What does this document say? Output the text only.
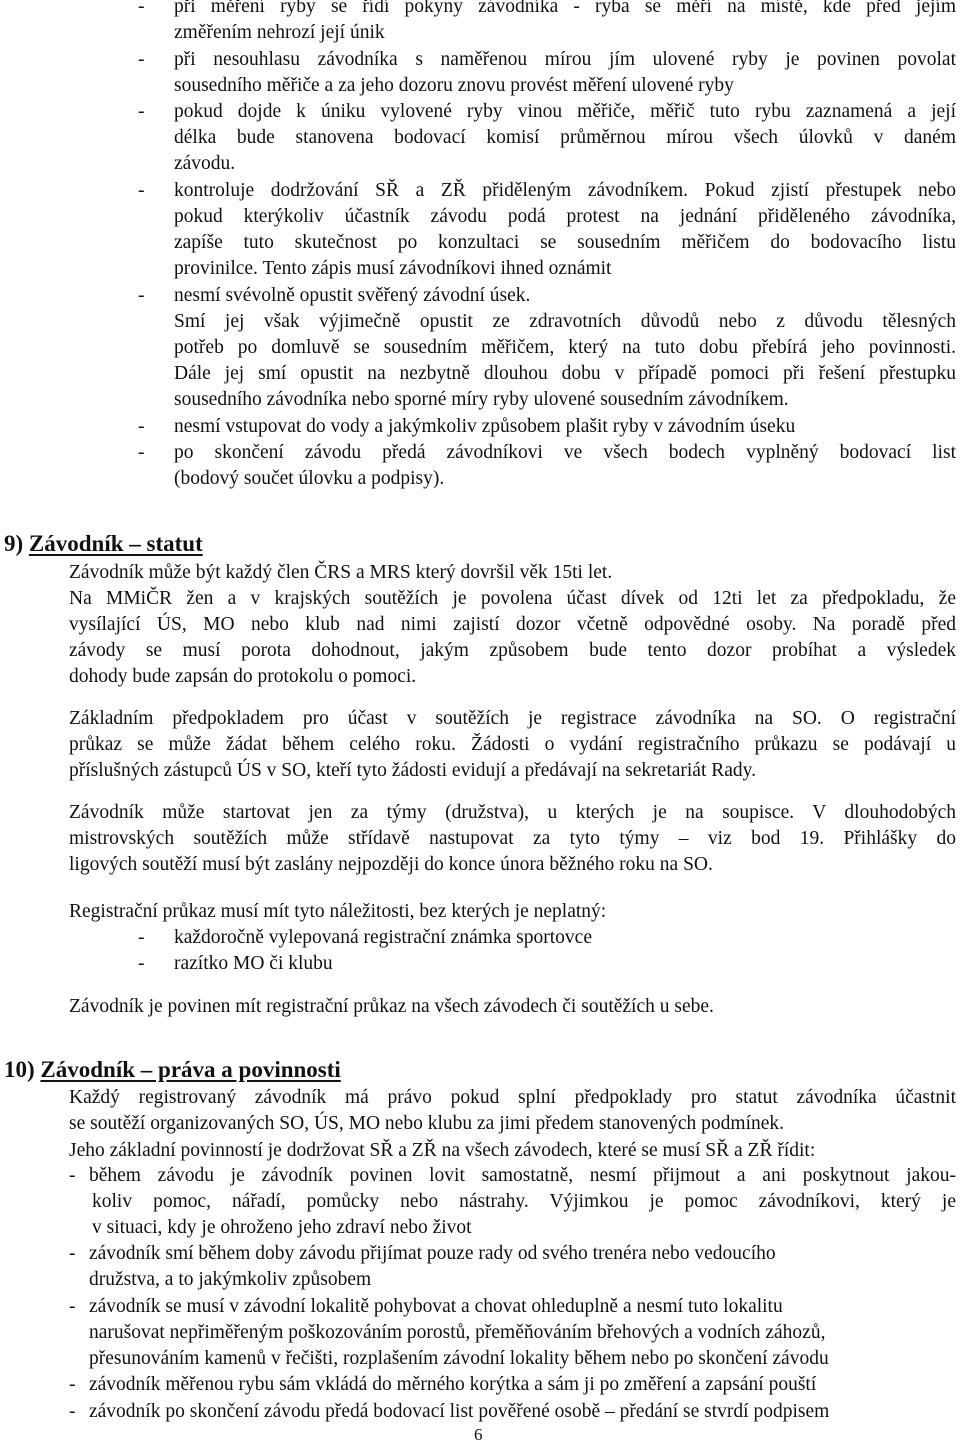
- při měření ryby se řídí pokyny závodníka - ryba se měří na místě, kde před jejím
změřením nehrozí její únik
- při nesouhlasu závodníka s naměřenou mírou jím ulovené ryby je povinen povolat
sousedního měřiče a za jeho dozoru znovu provést měření ulovené ryby
- pokud dojde k úniku vylovené ryby vinou měřiče, měřič tuto rybu zaznamená a její
délka bude stanovena bodovací komisí průměrnou mírou všech úlovků v daném
závodu.
- kontroluje dodržování SŘ a ZŘ přiděleným závodníkem. Pokud zjistí přestupek nebo
pokud kterýkoliv účastník závodu podá protest na jednání přiděleného závodníka,
zapíše tuto skutečnost po konzultaci se sousedním měřičem do bodovacího listu
provinilce. Tento zápis musí závodníkovi ihned oznámit
- nesmí svévolně opustit svěřený závodní úsek.
Smí jej však výjimečně opustit ze zdravotních důvodů nebo z důvodu tělesných
potřeb po domluvě se sousedním měřičem, který na tuto dobu přebírá jeho povinnosti.
Dále jej smí opustit na nezbytně dlouhou dobu v případě pomoci při řešení přestupku
sousedního závodníka nebo sporné míry ryby ulovené sousedním závodníkem.
- nesmí vstupovat do vody a jakýmkoliv způsobem plašit ryby v závodním úseku
- po skončení závodu předá závodníkovi ve všech bodech vyplněný bodovací list
(bodový součet úlovku a podpisy).
9) Závodník – statut
Závodník může být každý člen ČRS a MRS který dovršil věk 15ti let.
Na MMiČR žen a v krajských soutěžích je povolena účast dívek od 12ti let za předpokladu, že
vysílající ÚS, MO nebo klub nad nimi zajistí dozor včetně odpovědné osoby. Na poradě před
závody se musí porota dohodnout, jakým způsobem bude tento dozor probíhat a výsledek
dohody bude zapsán do protokolu o pomoci.
Základním předpokladem pro účast v soutěžích je registrace závodníka na SO. O registrační
průkaz se může žádat během celého roku. Žádosti o vydání registračního průkazu se podávají u
příslušných zástupců ÚS v SO, kteří tyto žádosti evidují a předávají na sekretariát Rady.
Závodník může startovat jen za týmy (družstva), u kterých je na soupisce. V dlouhodobých
mistrovských soutěžích může střídavě nastupovat za tyto týmy – viz bod 19. Přihlášky do
ligových soutěží musí být zaslány nejpozději do konce února běžného roku na SO.
Registrační průkaz musí mít tyto náležitosti, bez kterých je neplatný:
- každoročně vylepovaná registrační známka sportovce
- razítko MO či klubu
Závodník je povinen mít registrační průkaz na všech závodech či soutěžích u sebe.
10) Závodník – práva a povinnosti
Každý registrovaný závodník má právo pokud splní předpoklady pro statut závodníka účastnit
se soutěží organizovaných SO, ÚS, MO nebo klubu za jimi předem stanovených podmínek.
Jeho základní povinností je dodržovat SŘ a ZŘ na všech závodech, které se musí SŘ a ZŘ řídit:
- během závodu je závodník povinen lovit samostatně, nesmí přijmout a ani poskytnout jakou-
koliv pomoc, nářadí, pomůcky nebo nástrahy. Výjimkou je pomoc závodníkovi, který je
v situaci, kdy je ohroženo jeho zdraví nebo život
- závodník smí během doby závodu přijímat pouze rady od svého trenéra nebo vedoucího
družstva, a to jakýmkoliv způsobem
- závodník se musí v závodní lokalitě pohybovat a chovat ohleduplně a nesmí tuto lokalitu
narušovat nepřiměřeným poškozováním porostů, přeměňováním břehových a vodních záhozů,
přesunováním kamenů v řečišti, rozplašením závodní lokality během nebo po skončení závodu
- závodník měřenou rybu sám vkládá do měrného korýtka a sám ji po změření a zapsání pouští
- závodník po skončení závodu předá bodovací list pověřené osobě – předání se stvrdí podpisem
6
